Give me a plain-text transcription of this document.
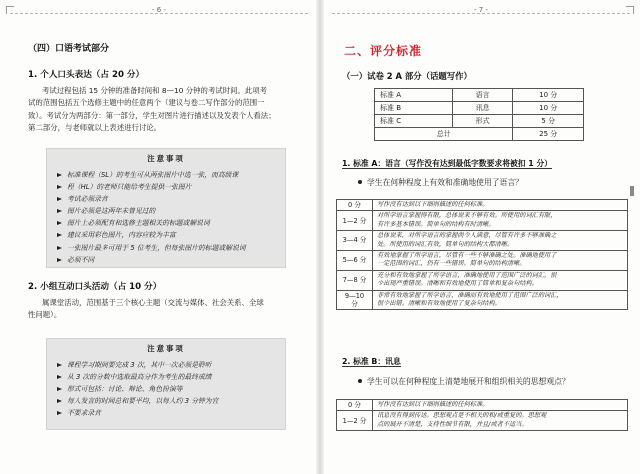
- 6 -
（四）口语考试部分
1. 个人口头表达（占 20 分）
考试过程包括 15 分钟的准备时间和 8—10 分钟的考试时间。此项考
试的范围包括五个选修主题中的任意两个（建议与卷二写作部分的范围一
致）。考试分为两部分：第一部分，学生对图片进行描述以及发表个人看法；
第二部分，与老师就以上表述进行讨论。
注意事项
标准课程（SL）的考生可从两张图片中选一张，而高级课
程（HL）的老师只能给考生提供一张图片
考试必须录音
图片必须是这两年未曾见过的
图片上必须配有和选修主题相关的标题或解说词
建议采用彩色图片，内容应较为丰富
一张图片最多可用于 5 位考生，但每张图片的标题或解说词
必须不同
2. 小组互动口头活动（占 10 分）
属课堂活动，范围基于三个核心主题（交流与媒体、社会关系、全球
性问题）。
注意事项
课程学习期间要完成 3 次，其中一次必须是聆听
从 3 次的分数中选取最高分作为考生的最终成绩
形式可包括：讨论、辩论、角色扮演等
每人发言的时间总和要平均，以每人约 3 分钟为宜
不要求录音
- 7 -
二、评分标准
（一）试卷 2 A 部分（话题写作）
标准 A	语言	10 分
标准 B	讯息	10 分
标准 C	形式	5 分
总计		25 分
1. 标准 A：语言（写作没有达到最低字数要求将被扣 1 分）
学生在何种程度上有效和准确地使用了语言？
0 分	写作没有达到以下细则描述的任何标准。

1—2 分	对所学语言掌握得有限，总体说来不够有效。所使用的词汇有限，
有许多基本错误。简单句的结构有时清晰。

3—4 分	总体说来，对所学语言的掌握尚令人满意，尽管有许多不够准确之
处。所使用的词汇有效，简单句的结构大都清晰。

5—6 分	有效地掌握了所学语言，尽管有一些不够准确之处。准确地使用了
一定范围的词汇，仍有一些错误。简单句的结构清晰。

7—8 分	充分和有效地掌握了所学语言，准确地使用了范围广泛的词汇，很
少出现严重错误。清晰和有效地使用了简单和复杂句结构。

9—10 分	非常有效地掌握了所学语言，准确而有效地使用了范围广泛的词汇，
很少出错。清晰和有效地使用了复杂句结构。
2. 标准 B：讯息
学生可以在何种程度上清楚地展开和组织相关的思想观点？
0 分	写作没有达到以下细则描述的任何标准。

1—2 分	讯息没有得到传达。思想观点是不相关的和/或重复的。思想观
点的展开不清楚，支持性细节有限，并且/或者不适当。
